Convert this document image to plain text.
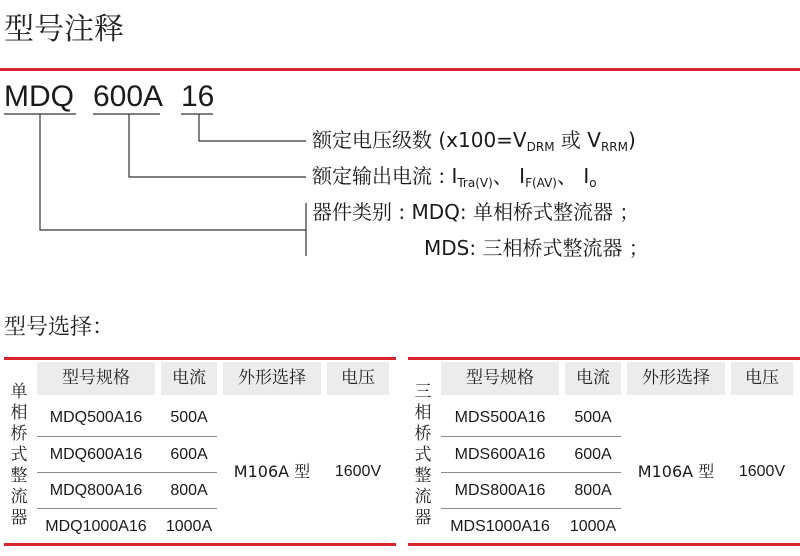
型号注释
MDQ 600A 16
额定电压级数 ($x100=V_{DRM}$ 或 $V_{RRM}$)
额定输出电流 : $I_{Tra(V)}$、 $I_{F(AV)}$、 $I_o$
器件类别 : MDQ: 单相桥式整流器 ；
MDS: 三相桥式整流器 ；
型号选择：
单相桥式整流器
型号规格	电流	外形选择	电压
MDQ500A16	500A
MDQ600A16	600A
MDQ800A16	800A
MDQ1000A16	1000A
M106A 型	1600V
三相桥式整流器
型号规格	电流	外形选择	电压
MDS500A16	500A
MDS600A16	600A
MDS800A16	800A
MDS1000A16	1000A
M106A 型	1600V
